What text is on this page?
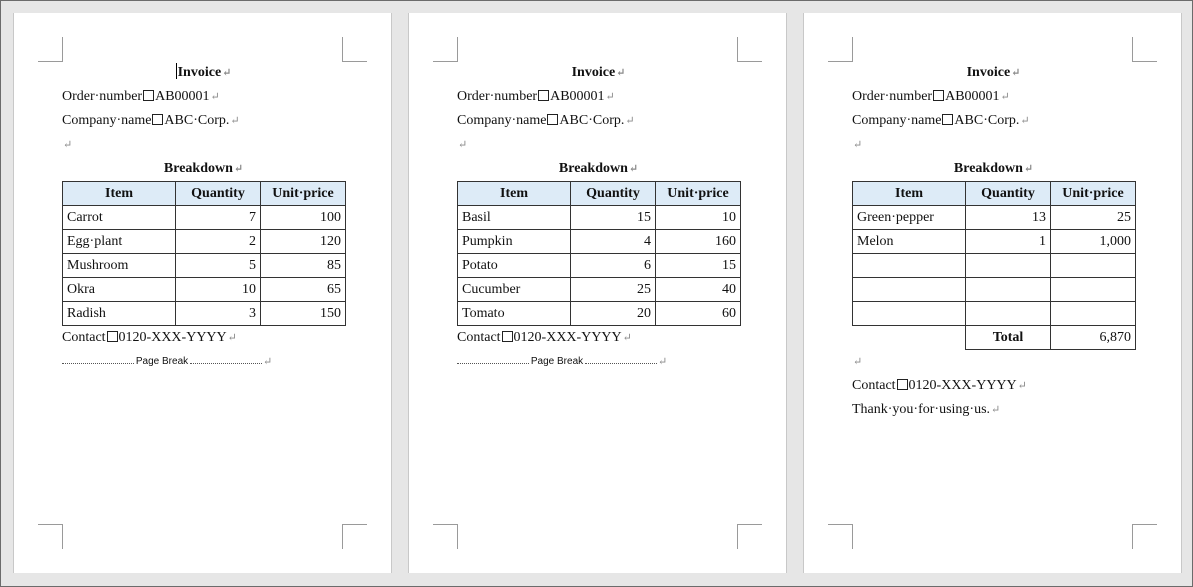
Invoice↵
Order·number AB00001↵
Company·name ABC·Corp.↵
↵
Breakdown↵
Item	Quantity	Unit·price
Carrot	7	100
Egg·plant	2	120
Mushroom	5	85
Okra	10	65
Radish	3	150
Contact 0120-XXX-YYYY↵
Page Break	↵
Invoice↵
Order·number AB00001↵
Company·name ABC·Corp.↵
↵
Breakdown↵
Item	Quantity	Unit·price
Basil	15	10
Pumpkin	4	160
Potato	6	15
Cucumber	25	40
Tomato	20	60
Contact 0120-XXX-YYYY↵
Page Break	↵
Invoice↵
Order·number AB00001↵
Company·name ABC·Corp.↵
↵
Breakdown↵
Item	Quantity	Unit·price
Green·pepper	13	25
Melon	1	1,000

	Total	6,870
↵
Contact 0120-XXX-YYYY↵
Thank·you·for·using·us.↵
